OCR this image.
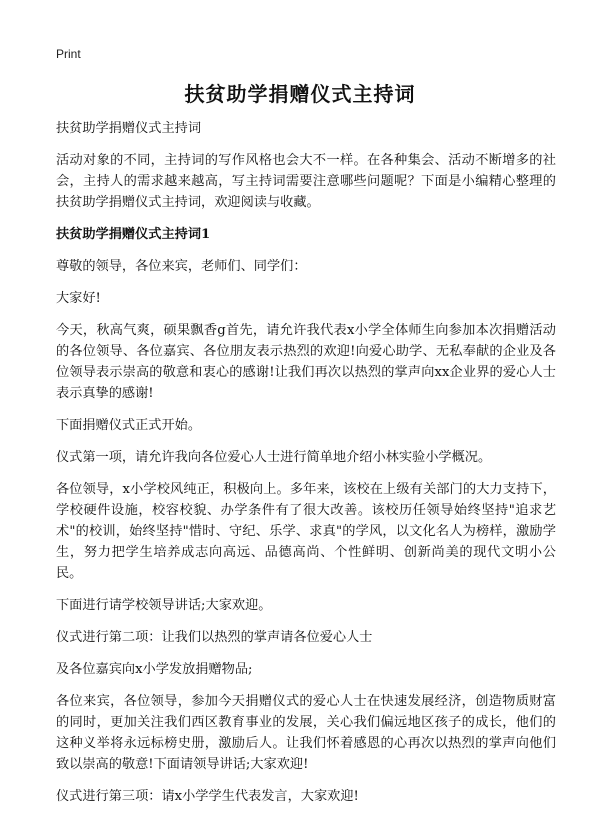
Print
扶贫助学捐赠仪式主持词

扶贫助学捐赠仪式主持词

活动对象的不同，主持词的写作风格也会大不一样。在各种集会、活动不断增多的社会，主持人的需求越来越高，写主持词需要注意哪些问题呢？下面是小编精心整理的扶贫助学捐赠仪式主持词，欢迎阅读与收藏。

扶贫助学捐赠仪式主持词1

尊敬的领导，各位来宾，老师们、同学们：

大家好!

今天，秋高气爽，硕果飘香g首先，请允许我代表x小学全体师生向参加本次捐赠活动的各位领导、各位嘉宾、各位朋友表示热烈的欢迎!向爱心助学、无私奉献的企业及各位领导表示崇高的敬意和衷心的感谢!让我们再次以热烈的掌声向xx企业界的爱心人士表示真挚的感谢!

下面捐赠仪式正式开始。

仪式第一项，请允许我向各位爱心人士进行简单地介绍小林实验小学概况。

各位领导，x小学校风纯正，积极向上。多年来，该校在上级有关部门的大力支持下，学校硬件设施，校容校貌、办学条件有了很大改善。该校历任领导始终坚持"追求艺术"的校训，始终坚持"惜时、守纪、乐学、求真"的学风，以文化名人为榜样，激励学生，努力把学生培养成志向高远、品德高尚、个性鲜明、创新尚美的现代文明小公民。

下面进行请学校领导讲话;大家欢迎。

仪式进行第二项：让我们以热烈的掌声请各位爱心人士

及各位嘉宾向x小学发放捐赠物品;

各位来宾，各位领导，参加今天捐赠仪式的爱心人士在快速发展经济，创造物质财富的同时，更加关注我们西区教育事业的发展，关心我们偏远地区孩子的成长，他们的这种义举将永远标榜史册，激励后人。让我们怀着感恩的心再次以热烈的掌声向他们致以崇高的敬意!下面请领导讲话;大家欢迎!

仪式进行第三项：请x小学学生代表发言，大家欢迎!
